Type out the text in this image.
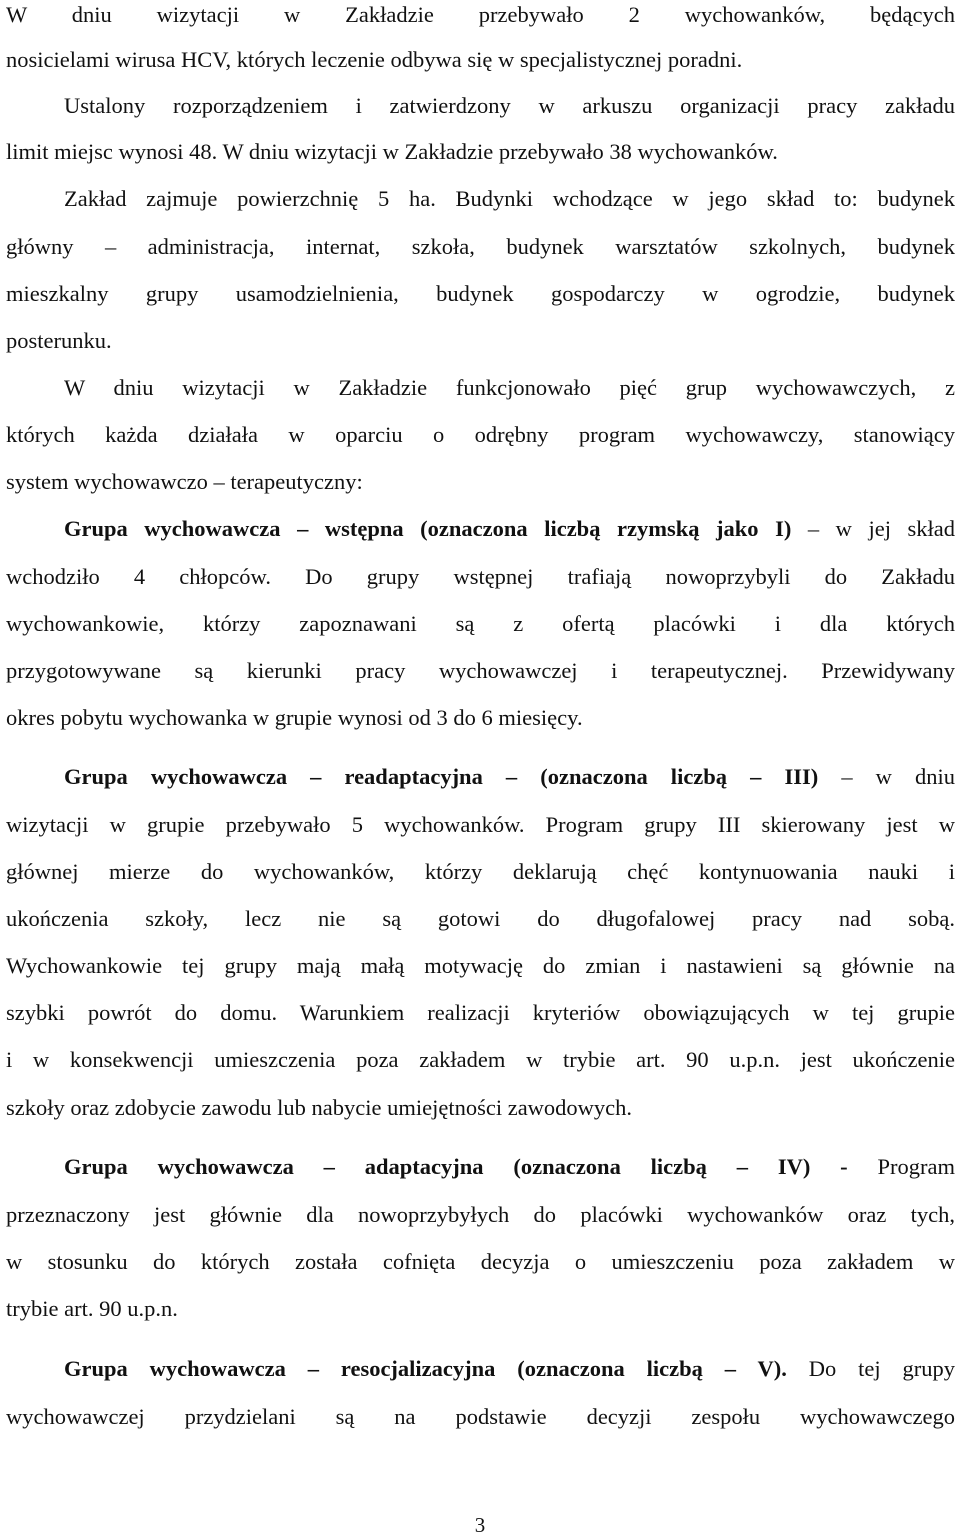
W dniu wizytacji w Zakładzie przebywało 2 wychowanków, będących
nosicielami wirusa HCV, których leczenie odbywa się w specjalistycznej poradni.
Ustalony rozporządzeniem i zatwierdzony w arkuszu organizacji pracy zakładu
limit miejsc wynosi 48. W dniu wizytacji w Zakładzie przebywało 38 wychowanków.
Zakład zajmuje powierzchnię 5 ha. Budynki wchodzące w jego skład to: budynek
główny – administracja, internat, szkoła, budynek warsztatów szkolnych, budynek
mieszkalny grupy usamodzielnienia, budynek gospodarczy w ogrodzie, budynek
posterunku.
W dniu wizytacji w Zakładzie funkcjonowało pięć grup wychowawczych, z
których każda działała w oparciu o odrębny program wychowawczy, stanowiący
system wychowawczo – terapeutyczny:
Grupa wychowawcza – wstępna (oznaczona liczbą rzymską jako I) – w jej skład
wchodziło 4 chłopców. Do grupy wstępnej trafiają nowoprzybyli do Zakładu
wychowankowie, którzy zapoznawani są z ofertą placówki i dla których
przygotowywane są kierunki pracy wychowawczej i terapeutycznej. Przewidywany
okres pobytu wychowanka w grupie wynosi od 3 do 6 miesięcy.
Grupa wychowawcza – readaptacyjna – (oznaczona liczbą – III) – w dniu
wizytacji w grupie przebywało 5 wychowanków. Program grupy III skierowany jest w
głównej mierze do wychowanków, którzy deklarują chęć kontynuowania nauki i
ukończenia szkoły, lecz nie są gotowi do długofalowej pracy nad sobą.
Wychowankowie tej grupy mają małą motywację do zmian i nastawieni są głównie na
szybki powrót do domu. Warunkiem realizacji kryteriów obowiązujących w tej grupie
i w konsekwencji umieszczenia poza zakładem w trybie art. 90 u.p.n. jest ukończenie
szkoły oraz zdobycie zawodu lub nabycie umiejętności zawodowych.
Grupa wychowawcza – adaptacyjna (oznaczona liczbą – IV) - Program
przeznaczony jest głównie dla nowoprzybyłych do placówki wychowanków oraz tych,
w stosunku do których została cofnięta decyzja o umieszczeniu poza zakładem w
trybie art. 90 u.p.n.
Grupa wychowawcza – resocjalizacyjna (oznaczona liczbą – V). Do tej grupy
wychowawczej przydzielani są na podstawie decyzji zespołu wychowawczego
3
